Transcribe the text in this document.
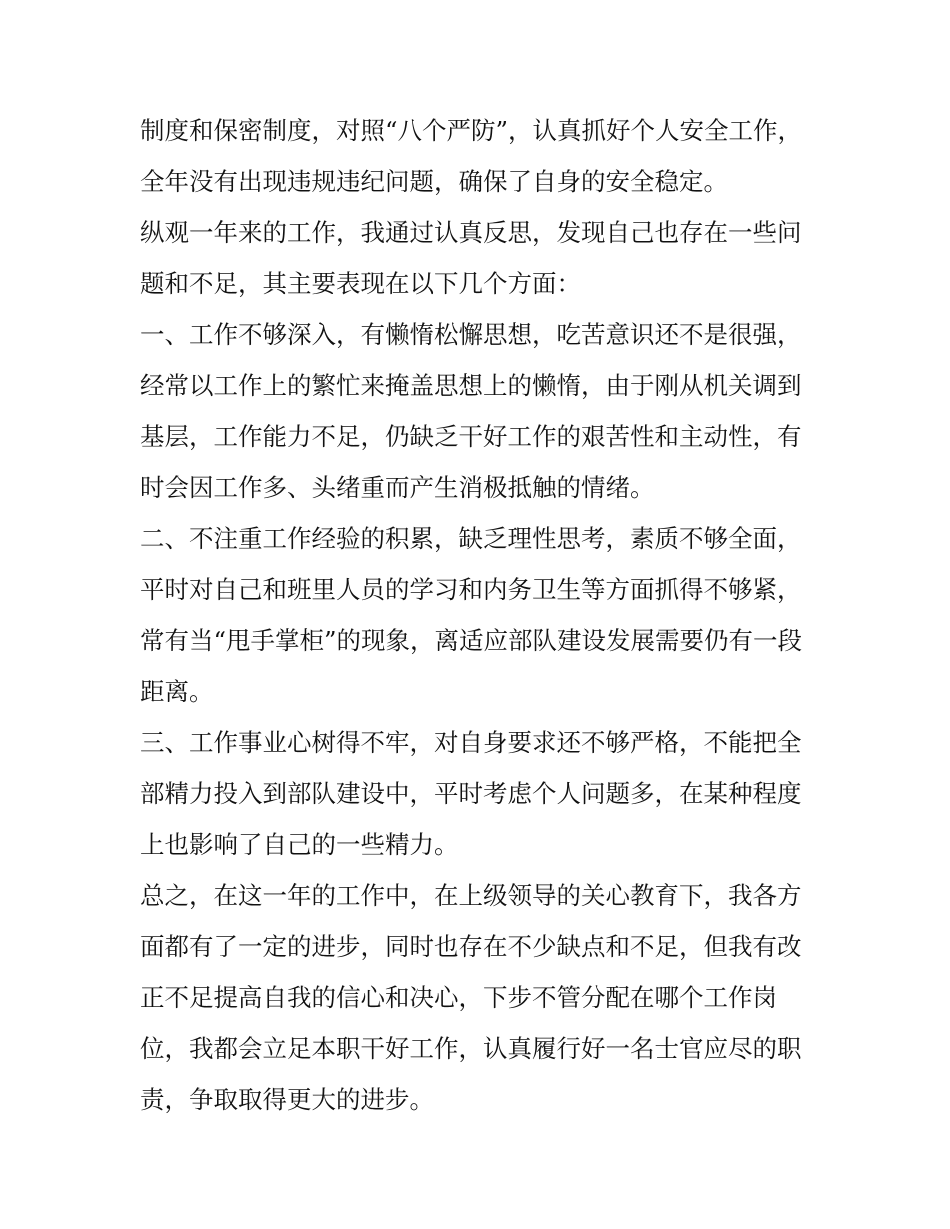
制度和保密制度，对照“八个严防”，认真抓好个人安全工作，
全年没有出现违规违纪问题，确保了自身的安全稳定。
纵观一年来的工作，我通过认真反思，发现自己也存在一些问
题和不足，其主要表现在以下几个方面：
一、工作不够深入，有懒惰松懈思想，吃苦意识还不是很强，
经常以工作上的繁忙来掩盖思想上的懒惰，由于刚从机关调到
基层，工作能力不足，仍缺乏干好工作的艰苦性和主动性，有
时会因工作多、头绪重而产生消极抵触的情绪。
二、不注重工作经验的积累，缺乏理性思考，素质不够全面，
平时对自己和班里人员的学习和内务卫生等方面抓得不够紧，
常有当“甩手掌柜”的现象，离适应部队建设发展需要仍有一段
距离。
三、工作事业心树得不牢，对自身要求还不够严格，不能把全
部精力投入到部队建设中，平时考虑个人问题多，在某种程度
上也影响了自己的一些精力。
总之，在这一年的工作中，在上级领导的关心教育下，我各方
面都有了一定的进步，同时也存在不少缺点和不足，但我有改
正不足提高自我的信心和决心，下步不管分配在哪个工作岗
位，我都会立足本职干好工作，认真履行好一名士官应尽的职
责，争取取得更大的进步。
